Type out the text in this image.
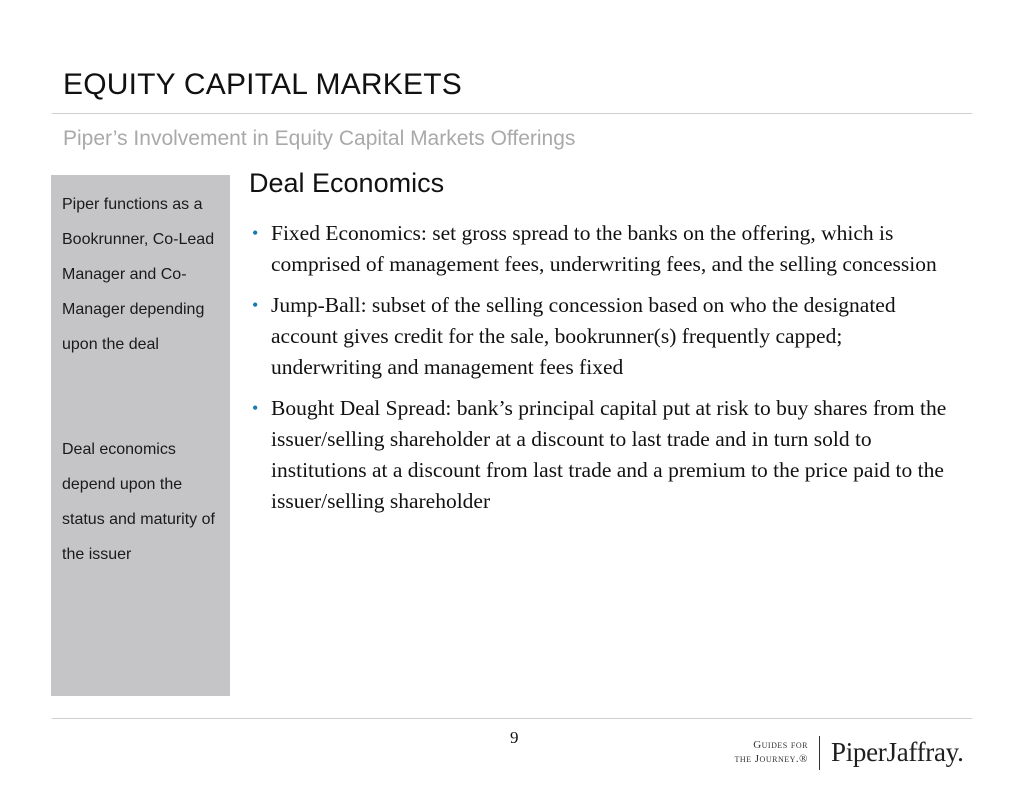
EQUITY CAPITAL MARKETS
Piper’s Involvement in Equity Capital Markets Offerings

Piper functions as a Bookrunner, Co-Lead Manager and Co-Manager depending upon the deal

Deal economics depend upon the status and maturity of the issuer

Deal Economics
• Fixed Economics: set gross spread to the banks on the offering, which is comprised of management fees, underwriting fees, and the selling concession
• Jump-Ball: subset of the selling concession based on who the designated account gives credit for the sale, bookrunner(s) frequently capped; underwriting and management fees fixed
• Bought Deal Spread: bank’s principal capital put at risk to buy shares from the issuer/selling shareholder at a discount to last trade and in turn sold to institutions at a discount from last trade and a premium to the price paid to the issuer/selling shareholder
9	Guides for
the Journey.® PiperJaffray.
